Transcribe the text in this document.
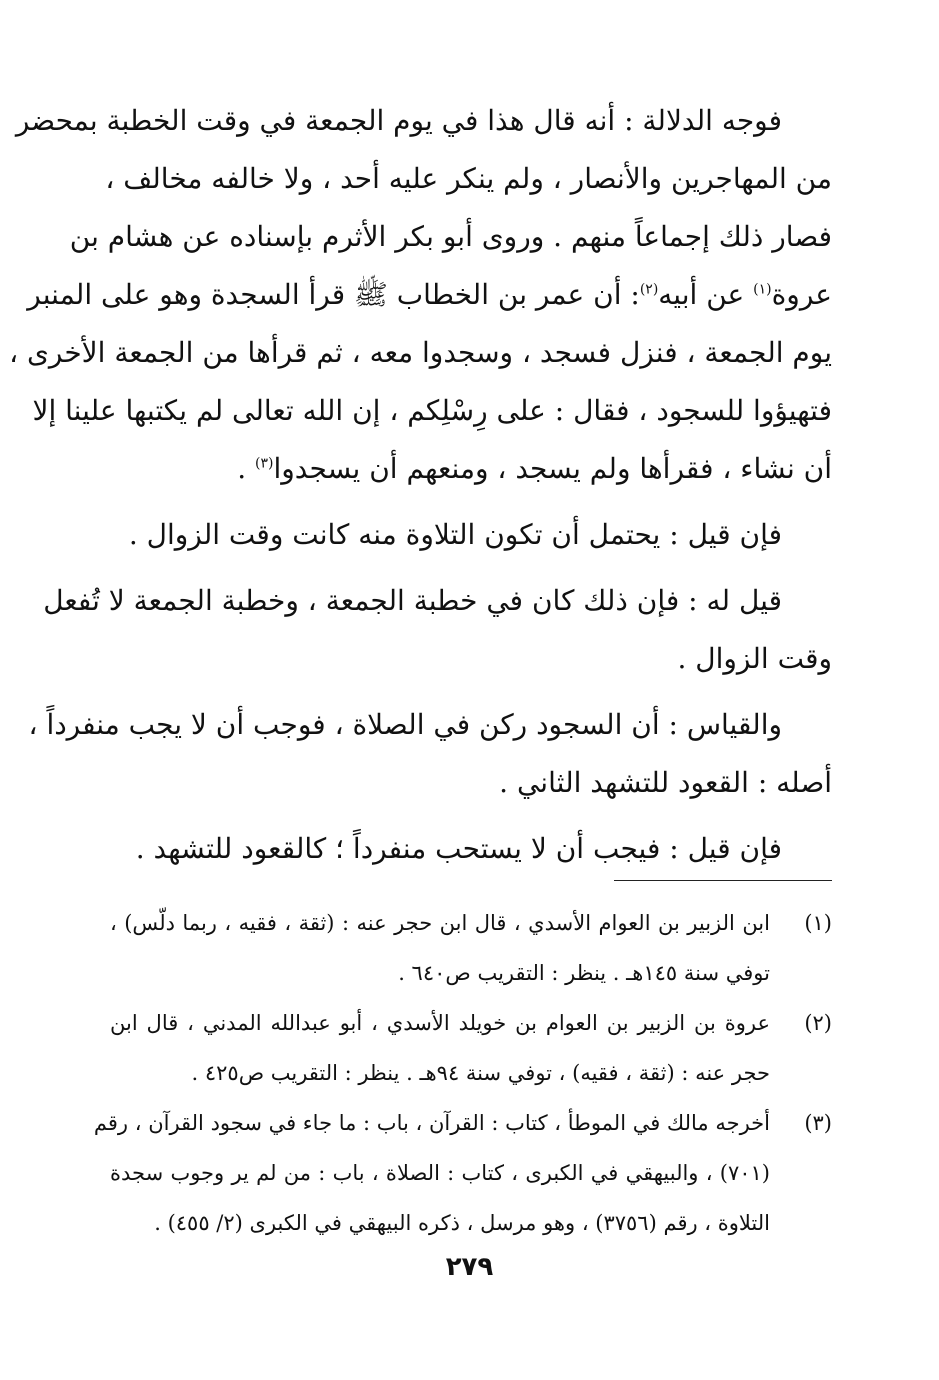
فوجه الدلالة : أنه قال هذا في يوم الجمعة في وقت الخطبة بمحضر
من المهاجرين والأنصار ، ولم ينكر عليه أحد ، ولا خالفه مخالف ،
فصار ذلك إجماعاً منهم . وروى أبو بكر الأثرم بإسناده عن هشام بن
عروة$^{(١)}$ عن أبيه$^{(٢)}$: أن عمر بن الخطاب ﷺ قرأ السجدة وهو على المنبر
يوم الجمعة ، فنزل فسجد ، وسجدوا معه ، ثم قرأها من الجمعة الأخرى ،
فتهيؤوا للسجود ، فقال : على رِسْلِكم ، إن الله تعالى لم يكتبها علينا إلا
أن نشاء ، فقرأها ولم يسجد ، ومنعهم أن يسجدوا$^{(٣)}$ .
فإن قيل : يحتمل أن تكون التلاوة منه كانت وقت الزوال .
قيل له : فإن ذلك كان في خطبة الجمعة ، وخطبة الجمعة لا تُفعل
وقت الزوال .
والقياس : أن السجود ركن في الصلاة ، فوجب أن لا يجب منفرداً ،
أصله : القعود للتشهد الثاني .
فإن قيل : فيجب أن لا يستحب منفرداً ؛ كالقعود للتشهد .
(١)
ابن الزبير بن العوام الأسدي ، قال ابن حجر عنه : (ثقة ، فقيه ، ربما دلّس) ،
توفي سنة ١٤٥هـ . ينظر : التقريب ص٦٤٠ .
(٢)
عروة بن الزبير بن العوام بن خويلد الأسدي ، أبو عبدالله المدني ، قال ابن
حجر عنه : (ثقة ، فقيه) ، توفي سنة ٩٤هـ . ينظر : التقريب ص٤٢٥ .
(٣)
أخرجه مالك في الموطأ ، كتاب : القرآن ، باب : ما جاء في سجود القرآن ، رقم
(٧٠١) ، والبيهقي في الكبرى ، كتاب : الصلاة ، باب : من لم ير وجوب سجدة
التلاوة ، رقم (٣٧٥٦) ، وهو مرسل ، ذكره البيهقي في الكبرى (٢/ ٤٥٥) .
٢٧٩
